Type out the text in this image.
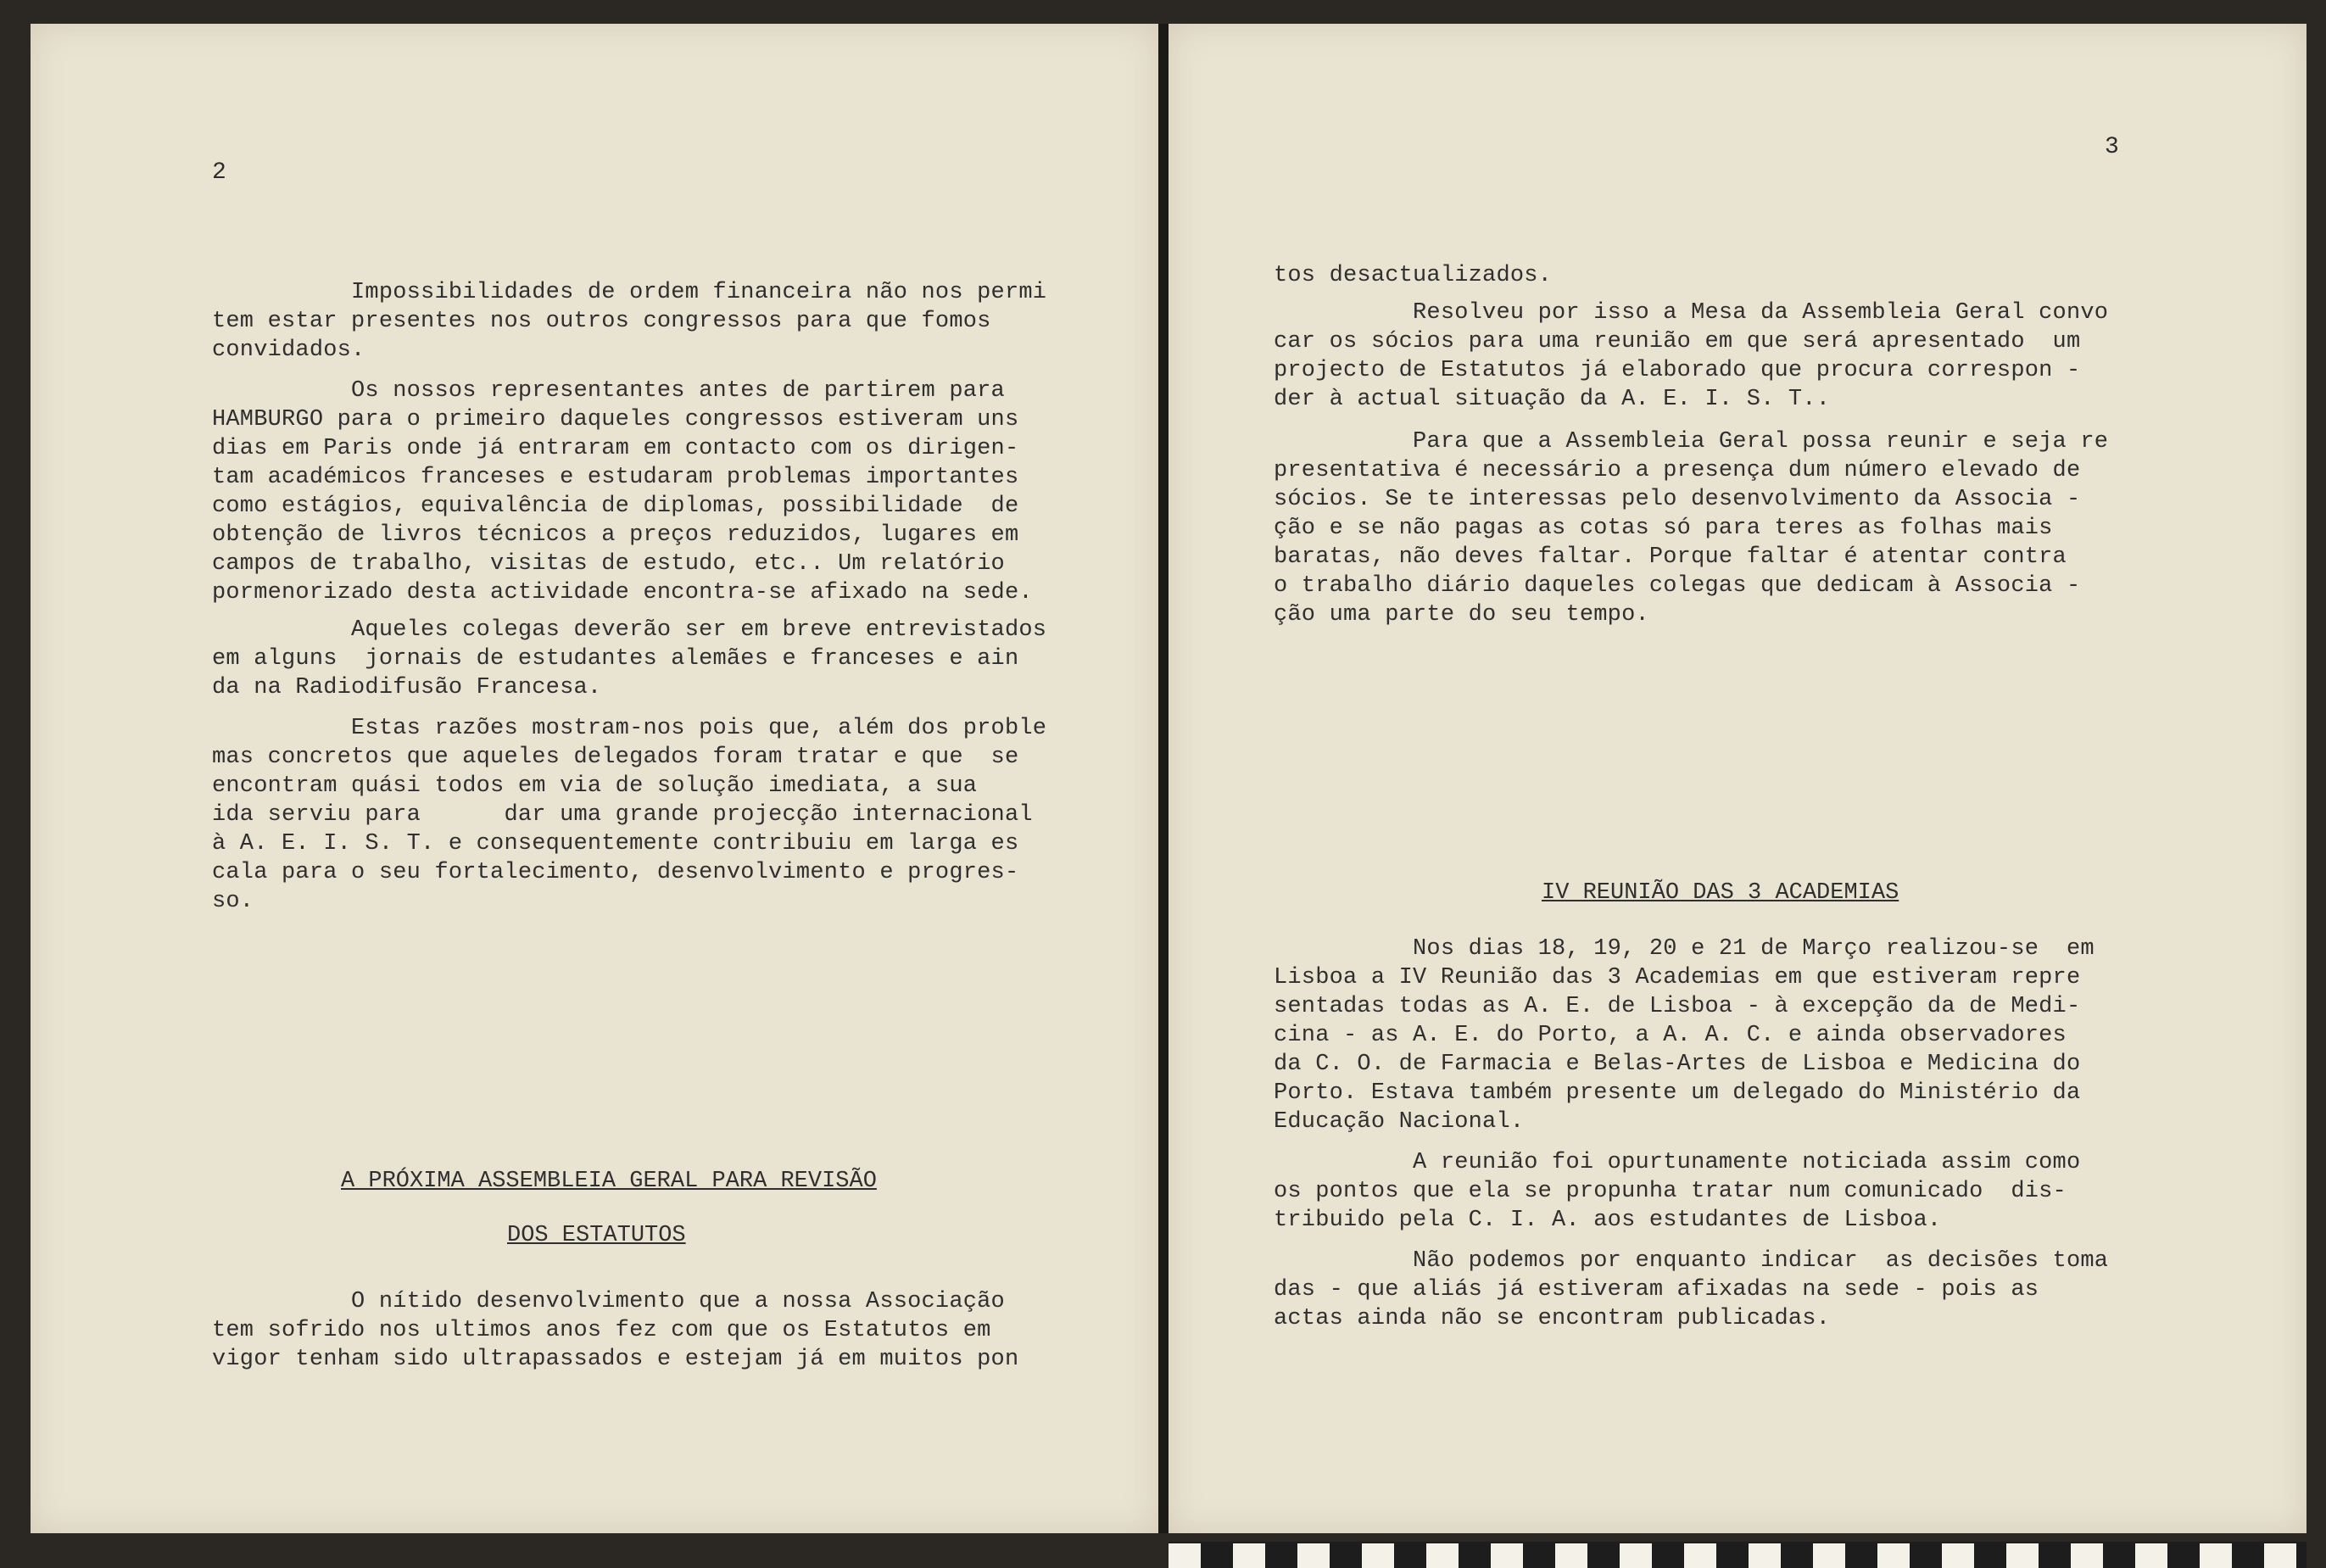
2

Impossibilidades de ordem financeira não nos permi
tem estar presentes nos outros congressos para que fomos
convidados.

Os nossos representantes antes de partirem para
HAMBURGO para o primeiro daqueles congressos estiveram uns
dias em Paris onde já entraram em contacto com os dirigen-
tam académicos franceses e estudaram problemas importantes
como estágios, equivalência de diplomas, possibilidade  de
obtenção de livros técnicos a preços reduzidos, lugares em
campos de trabalho, visitas de estudo, etc.. Um relatório
pormenorizado desta actividade encontra-se afixado na sede.

Aqueles colegas deverão ser em breve entrevistados
em alguns  jornais de estudantes alemães e franceses e ain
da na Radiodifusão Francesa.

Estas razões mostram-nos pois que, além dos proble
mas concretos que aqueles delegados foram tratar e que  se
encontram quási todos em via de solução imediata, a sua
ida serviu para      dar uma grande projecção internacional
à A. E. I. S. T. e consequentemente contribuiu em larga es
cala para o seu fortalecimento, desenvolvimento e progres-
so.

A PRÓXIMA ASSEMBLEIA GERAL PARA REVISÃO

DOS ESTATUTOS

O nítido desenvolvimento que a nossa Associação
tem sofrido nos ultimos anos fez com que os Estatutos em
vigor tenham sido ultrapassados e estejam já em muitos pon

3

tos desactualizados.

Resolveu por isso a Mesa da Assembleia Geral convo
car os sócios para uma reunião em que será apresentado  um
projecto de Estatutos já elaborado que procura correspon -
der à actual situação da A. E. I. S. T..

Para que a Assembleia Geral possa reunir e seja re
presentativa é necessário a presença dum número elevado de
sócios. Se te interessas pelo desenvolvimento da Associa -
ção e se não pagas as cotas só para teres as folhas mais
baratas, não deves faltar. Porque faltar é atentar contra
o trabalho diário daqueles colegas que dedicam à Associa -
ção uma parte do seu tempo.

IV REUNIÃO DAS 3 ACADEMIAS

Nos dias 18, 19, 20 e 21 de Março realizou-se  em
Lisboa a IV Reunião das 3 Academias em que estiveram repre
sentadas todas as A. E. de Lisboa - à excepção da de Medi-
cina - as A. E. do Porto, a A. A. C. e ainda observadores
da C. O. de Farmacia e Belas-Artes de Lisboa e Medicina do
Porto. Estava também presente um delegado do Ministério da
Educação Nacional.

A reunião foi opurtunamente noticiada assim como
os pontos que ela se propunha tratar num comunicado  dis-
tribuido pela C. I. A. aos estudantes de Lisboa.

Não podemos por enquanto indicar  as decisões toma
das - que aliás já estiveram afixadas na sede - pois as
actas ainda não se encontram publicadas.
